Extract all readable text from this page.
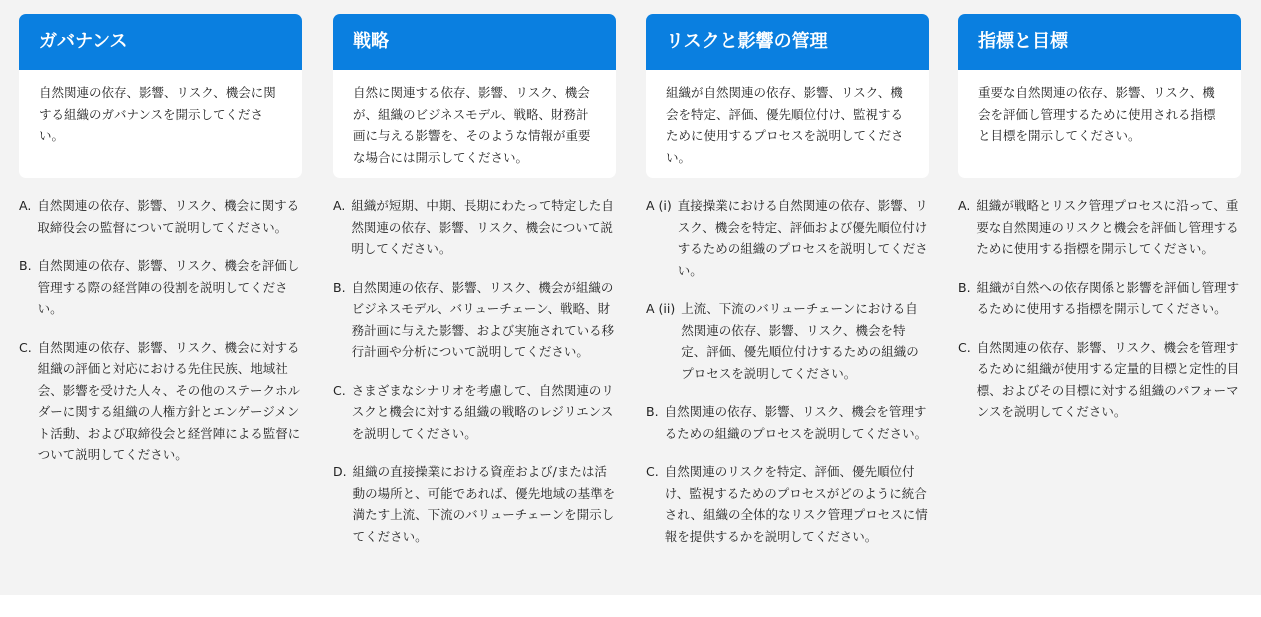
ガバナンス
自然関連の依存、影響、リスク、機会に関する組織のガバナンスを開示してください。
A. 自然関連の依存、影響、リスク、機会に関する取締役会の監督について説明してください。
B. 自然関連の依存、影響、リスク、機会を評価し管理する際の経営陣の役割を説明してください。
C. 自然関連の依存、影響、リスク、機会に対する組織の評価と対応における先住民族、地域社会、影響を受けた人々、その他のステークホルダーに関する組織の人権方針とエンゲージメント活動、および取締役会と経営陣による監督について説明してください。
戦略
自然に関連する依存、影響、リスク、機会が、組織のビジネスモデル、戦略、財務計画に与える影響を、そのような情報が重要な場合には開示してください。
A. 組織が短期、中期、長期にわたって特定した自然関連の依存、影響、リスク、機会について説明してください。
B. 自然関連の依存、影響、リスク、機会が組織のビジネスモデル、バリューチェーン、戦略、財務計画に与えた影響、および実施されている移行計画や分析について説明してください。
C. さまざまなシナリオを考慮して、自然関連のリスクと機会に対する組織の戦略のレジリエンスを説明してください。
D. 組織の直接操業における資産および/または活動の場所と、可能であれば、優先地域の基準を満たす上流、下流のバリューチェーンを開示してください。
リスクと影響の管理
組織が自然関連の依存、影響、リスク、機会を特定、評価、優先順位付け、監視するために使用するプロセスを説明してください。
A (i) 直接操業における自然関連の依存、影響、リスク、機会を特定、評価および優先順位付けするための組織のプロセスを説明してください。
A (ii) 上流、下流のバリューチェーンにおける自然関連の依存、影響、リスク、機会を特定、評価、優先順位付けするための組織のプロセスを説明してください。
B. 自然関連の依存、影響、リスク、機会を管理するための組織のプロセスを説明してください。
C. 自然関連のリスクを特定、評価、優先順位付け、監視するためのプロセスがどのように統合され、組織の全体的なリスク管理プロセスに情報を提供するかを説明してください。
指標と目標
重要な自然関連の依存、影響、リスク、機会を評価し管理するために使用される指標と目標を開示してください。
A. 組織が戦略とリスク管理プロセスに沿って、重要な自然関連のリスクと機会を評価し管理するために使用する指標を開示してください。
B. 組織が自然への依存関係と影響を評価し管理するために使用する指標を開示してください。
C. 自然関連の依存、影響、リスク、機会を管理するために組織が使用する定量的目標と定性的目標、およびその目標に対する組織のパフォーマンスを説明してください。
